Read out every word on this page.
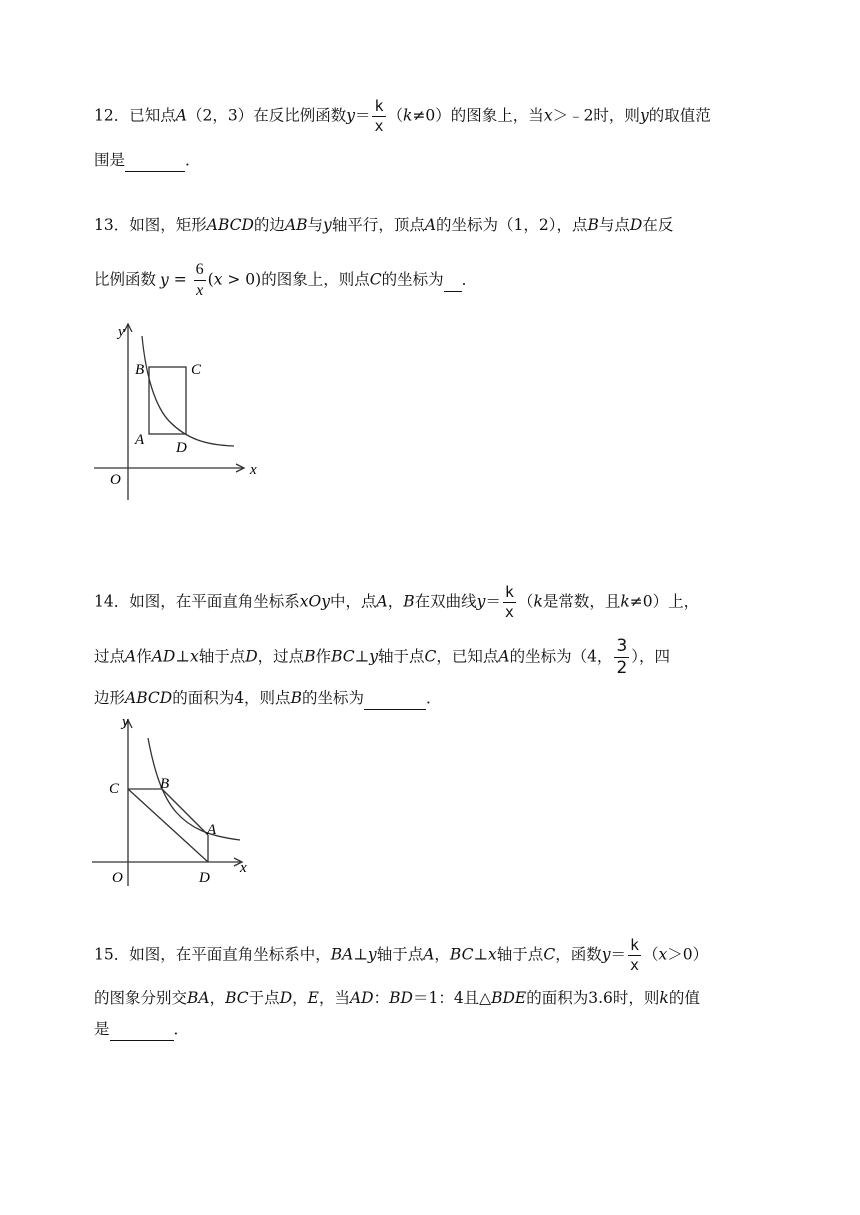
12．已知点A（2，3）在反比例函数$y= \frac{k}{x} (k\ne 0)$的图象上，当x＞﹣2时，则y的取值范
围是	．
13．如图，矩形ABCD的边AB与y轴平行，顶点A的坐标为（1，2），点B与点D在反
比例函数 $y = \frac{6}{x} (x > 0)$的图象上，则点C的坐标为 ．
y
B	C
A D
x
O
14．如图，在平面直角坐标系xOy中，点A，B在双曲线$y= \frac{k}{x} (k$是常数，且k≠0）上，
过点A作AD⊥x轴于点D，过点B作BC⊥y轴于点C，已知点A的坐标为（4， $\frac{3}{2}$ ），四
边形ABCD的面积为4，则点B的坐标为	．
y
C	B
A
x
O	D
15．如图，在平面直角坐标系中，BA⊥y轴于点A，BC⊥x轴于点C，函数$y= \frac{k}{x} (x>0)$
的图象分别交BA，BC于点D，E，当AD：BD＝1：4且△BDE的面积为3.6时，则k的值
是	．
